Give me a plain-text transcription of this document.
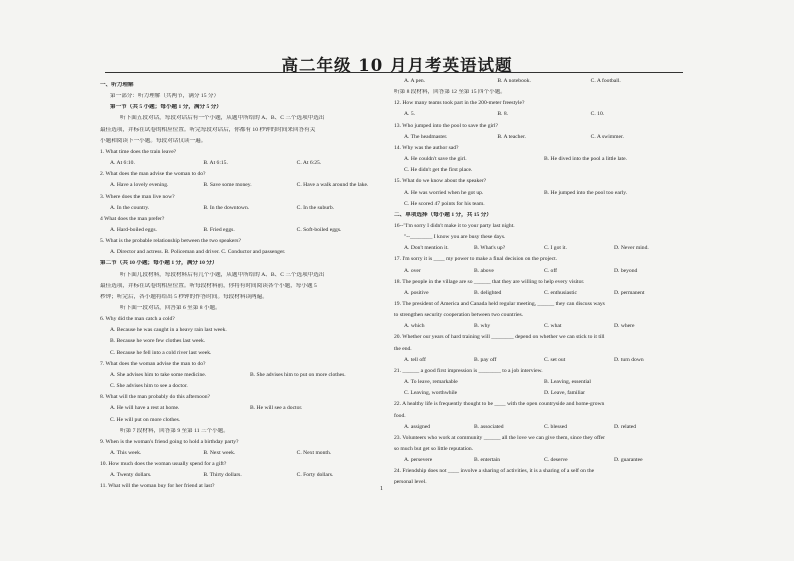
高二年级 10 月月考英语试题
一、听力理解
第一部分：听力理解（共两节，满分 15 分）
第一节（共 5 小题；每小题 1 分，满分 5 分）
听下面五段对话，每段对话后有一个小题，从题中所给的 A、B、C 三个选项中选出
最佳选项，并标在试卷的相应位置。听完每段对话后，你都有 10 秒钟的时间来回答有关
小题和阅读下一小题。每段对话仅读一遍。
1. What time does the train leave?
A. At 6:10.	B. At 6:15.	C. At 6:25.
2. What does the man advise the woman to do?
A. Have a lovely evening.	B. Save some money.	C. Have a walk around the lake.
3. Where does the man live now?
A. In the country.	B. In the downtown.	C. In the suburb.
4 What does the man prefer?
A. Hard-boiled eggs.	B. Fried eggs.	C. Soft-boiled eggs.
5. What is the probable relationship between the two speakers?
A. Director and actress. B. Policeman and driver. C. Conductor and passenger.
第二节（共 10 小题；每小题 1 分，满分 10 分）
听下面几段材料，每段材料后有几个小题，从题中所给的 A、B、C 三个选项中选出
最佳选项，并标在试卷的相应位置。听每段材料前，你将有时间阅读各个小题，每小题 5
秒钟；听完后，各小题将给出 5 秒钟的作答时间。每段材料读两遍。
听下面一段对话，回答第 6 至第 8 小题。
6. Why did the man catch a cold?
A. Because he was caught in a heavy rain last week.
B. Because he wore few clothes last week.
C. Because he fell into a cold river last week.
7. What does the woman advise the man to do?
A. She advises him to take some medicine.	B. She advises him to put on more clothes.
C. She advises him to see a doctor.
8. What will the man probably do this afternoon?
A. He will have a rest at home.	B. He will see a doctor.
C. He will put on more clothes.
听第 7 段材料，回答第 9 至第 11 三个小题。
9. When is the woman's friend going to hold a birthday party?
A. This week.	B. Next week.	C. Next month.
10. How much does the woman usually spend for a gift?
A. Twenty dollars.	B. Thirty dollars.	C. Forty dollars.
11. What will the woman buy for her friend at last?
A. A pen.	B. A notebook.	C. A football.
听第 8 段材料，回答第 12 至第 15 四个小题。
12. How many teams took part in the 200-meter freestyle?
A. 5.	B. 8.	C. 10.
13. Who jumped into the pool to save the girl?
A. The headmaster.	B. A teacher.	C. A swimmer.
14. Why was the author sad?
A. He couldn't save the girl.	B. He dived into the pool a little late.
C. He didn't get the first place.
15. What do we know about the speaker?
A. He was worried when he got up.	B. He jumped into the pool too early.
C. He scored 47 points for his team.
二、单项选择（每小题 1 分，共 15 分）
16--"I'm sorry I didn't make it to your party last night.
"--________ I know you are busy these days.
A. Don't mention it.	B. What's up?	C. I got it.	D. Never mind.
17. I'm sorry it is ____ my power to make a final decision on the project.
A. over	B. above	C. off	D. beyond
18. The people in the village are so ______ that they are willing to help every visitor.
A. positive	B. delighted	C. enthusiastic	D. permanent
19. The president of America and Canada held regular meeting, ______ they can discuss ways
to strengthen security cooperation between two countries.
A. which	B. why	C. what	D. where
20. Whether our years of hard training will ________ depend on whether we can stick to it till
the end.
A. tell off	B. pay off	C. set out	D. turn down
21. ______ a good first impression is ________ to a job interview.
A. To leave, remarkable	B. Leaving, essential
C. Leaving, worthwhile	D. Leave, familiar
22. A healthy life is frequently thought to be ____ with the open countryside and home-grown
food.
A. assigned	B. associated	C. blessed	D. related
23. Volunteers who work at community ______ all the love we can give them, since they offer
so much but get so little reputation.
A. persevere	B. entertain	C. deserve	D. guarantee
24. Friendship does not ____ involve a sharing of activities, it is a sharing of a self on the
personal level.
1
